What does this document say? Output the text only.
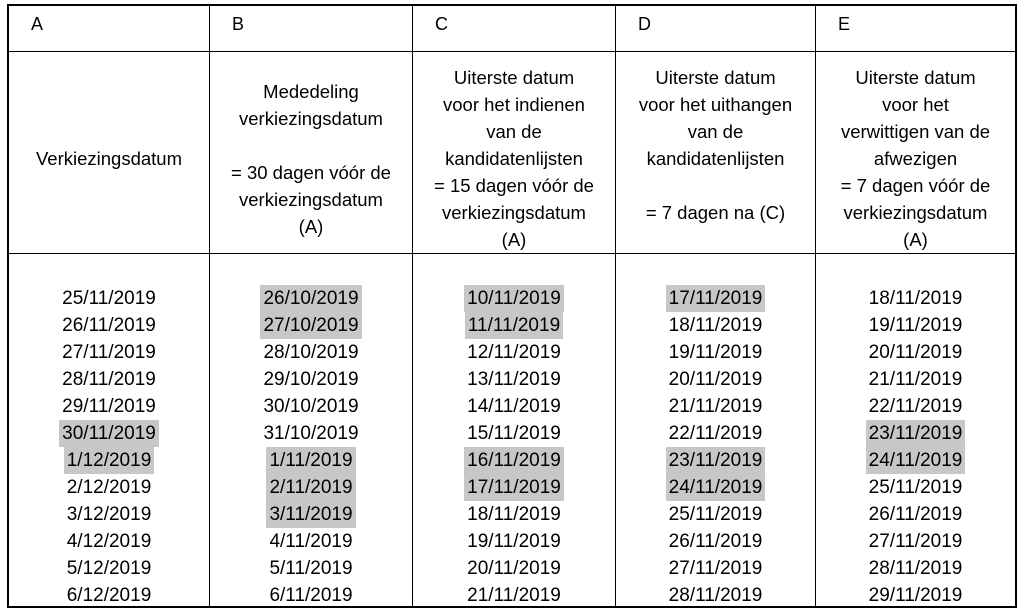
A
Verkiezingsdatum
25/11/2019
26/11/2019
27/11/2019
28/11/2019
29/11/2019
30/11/2019
1/12/2019
2/12/2019
3/12/2019
4/12/2019
5/12/2019
6/12/2019
B
Mededeling
verkiezingsdatum

= 30 dagen vóór de
verkiezingsdatum
(A)
26/10/2019
27/10/2019
28/10/2019
29/10/2019
30/10/2019
31/10/2019
1/11/2019
2/11/2019
3/11/2019
4/11/2019
5/11/2019
6/11/2019
C
Uiterste datum
voor het indienen
van de
kandidatenlijsten
= 15 dagen vóór de
verkiezingsdatum
(A)
10/11/2019
11/11/2019
12/11/2019
13/11/2019
14/11/2019
15/11/2019
16/11/2019
17/11/2019
18/11/2019
19/11/2019
20/11/2019
21/11/2019
D
Uiterste datum
voor het uithangen
van de
kandidatenlijsten

= 7 dagen na (C)

17/11/2019
18/11/2019
19/11/2019
20/11/2019
21/11/2019
22/11/2019
23/11/2019
24/11/2019
25/11/2019
26/11/2019
27/11/2019
28/11/2019
E
Uiterste datum
voor het
verwittigen van de
afwezigen
= 7 dagen vóór de
verkiezingsdatum
(A)
18/11/2019
19/11/2019
20/11/2019
21/11/2019
22/11/2019
23/11/2019
24/11/2019
25/11/2019
26/11/2019
27/11/2019
28/11/2019
29/11/2019
